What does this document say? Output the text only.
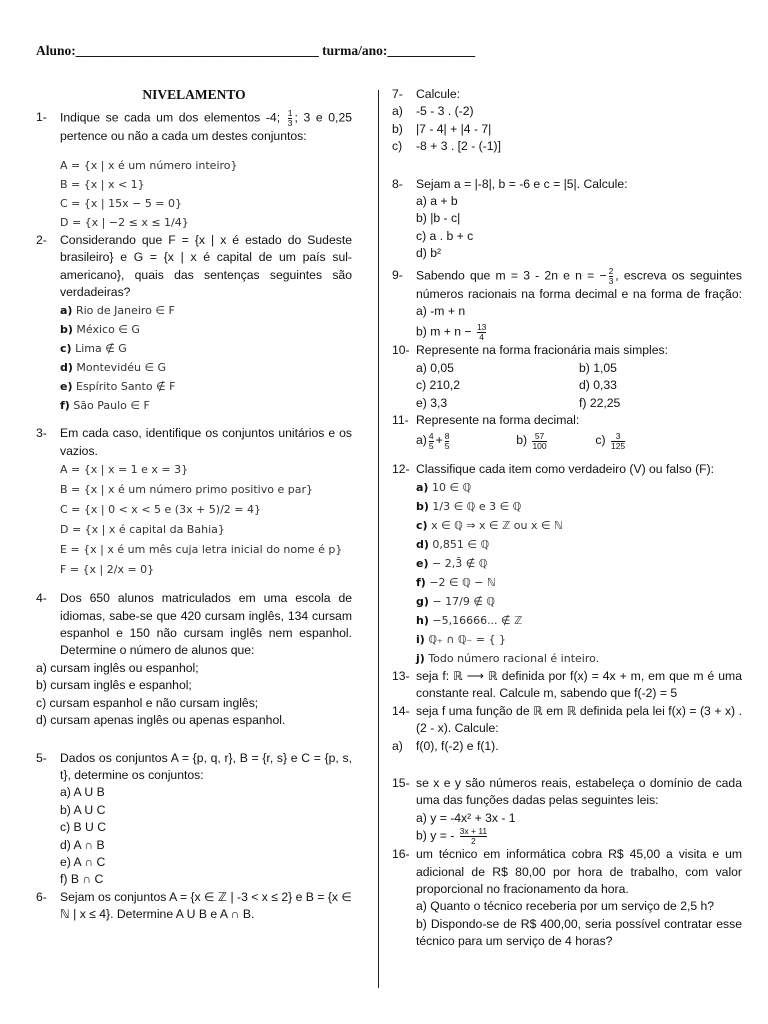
Aluno:____________________________________ turma/ano:_____________
NIVELAMENTO
1-	Indique se cada um dos elementos -4; $\frac{1}{3}$ ; 3 e 0,25 pertence ou não a cada um destes conjuntos:
A = {x | x é um número inteiro}
B = {x | x < 1}
C = {x | 15x − 5 = 0}
D = {x | −2 ≤ x ≤ 1/4}
2-	Considerando que F = {x | x é estado do Sudeste brasileiro} e G = {x | x é capital de um país sul-americano}, quais das sentenças seguintes são verdadeiras?
a) Rio de Janeiro ∈ F
b) México ∈ G
c) Lima ∉ G
d) Montevidéu ∈ G
e) Espírito Santo ∉ F
f) São Paulo ∈ F
3-	Em cada caso, identifique os conjuntos unitários e os vazios.
A = {x | x = 1 e x = 3}
B = {x | x é um número primo positivo e par}
C = {x | 0 < x < 5 e (3x + 5)/2 = 4}
D = {x | x é capital da Bahia}
E = {x | x é um mês cuja letra inicial do nome é p}
F = {x | 2/x = 0}
4-	Dos 650 alunos matriculados em uma escola de idiomas, sabe-se que 420 cursam inglês, 134 cursam espanhol e 150 não cursam inglês nem espanhol. Determine o número de alunos que:
a) cursam inglês ou espanhol;
b) cursam inglês e espanhol;
c) cursam espanhol e não cursam inglês;
d) cursam apenas inglês ou apenas espanhol.
5-	Dados os conjuntos A = {p, q, r}, B = {r, s} e C = {p, s, t}, determine os conjuntos:
a) A U B
b) A U C
c) B U C
d) A ∩ B
e) A ∩ C
f) B ∩ C
6-	Sejam os conjuntos A = {x ∈ ℤ | -3 < x ≤ 2} e B = {x ∈ ℕ | x ≤ 4}. Determine A U B e A ∩ B.
7-	Calcule:
a)	-5 - 3 . (-2)
b)	|7 - 4| + |4 - 7|
c)	-8 + 3 . [2 - (-1)]
8-	Sejam a = |-8|, b = -6 e c = |5|. Calcule:
a) a + b
b) |b - c|
c) a . b + c
d) b²
9-	Sabendo que m = 3 - 2n e n = − $\frac{2}{3}$ , escreva os seguintes números racionais na forma decimal e na forma de fração: a) -m + n
b) $m + n - \frac{13}{4}$
10- Represente na forma fracionária mais simples:
a) 0,05	b) 1,05
c) 210,2	d) 0,33
e) 3,3	f) 22,25
11- Represente na forma decimal:
$a) \frac{4}{5} + \frac{8}{5}$	$b) \frac{57}{100}$	$c) \frac{3}{125}$
12- Classifique cada item como verdadeiro (V) ou falso (F):
a) 10 ∈ ℚ
b) 1/3 ∈ ℚ e 3 ∈ ℚ
c) x ∈ ℚ ⇒ x ∈ ℤ ou x ∈ ℕ
d) 0,851 ∈ ℚ
e) − 2,3̄ ∉ ℚ
f) −2 ∈ ℚ − ℕ
g) − 17/9 ∉ ℚ
h) −5,16666... ∉ ℤ
i) ℚ₊ ∩ ℚ₋ = { }
j) Todo número racional é inteiro.
13- seja f: ℝ ⟶ ℝ definida por f(x) = 4x + m, em que m é uma constante real. Calcule m, sabendo que f(-2) = 5
14- seja f uma função de ℝ em ℝ definida pela lei f(x) = (3 + x) . (2 - x). Calcule:
a)	f(0), f(-2) e f(1).
15- se x e y são números reais, estabeleça o domínio de cada uma das funções dadas pelas seguintes leis:
a) y = -4x² + 3x - 1
b) y = - $\frac{3x + 11}{2}$
16- um técnico em informática cobra R$ 45,00 a visita e um adicional de R$ 80,00 por hora de trabalho, com valor proporcional no fracionamento da hora.
a) Quanto o técnico receberia por um serviço de 2,5 h?
b) Dispondo-se de R$ 400,00, seria possível contratar esse técnico para um serviço de 4 horas?
